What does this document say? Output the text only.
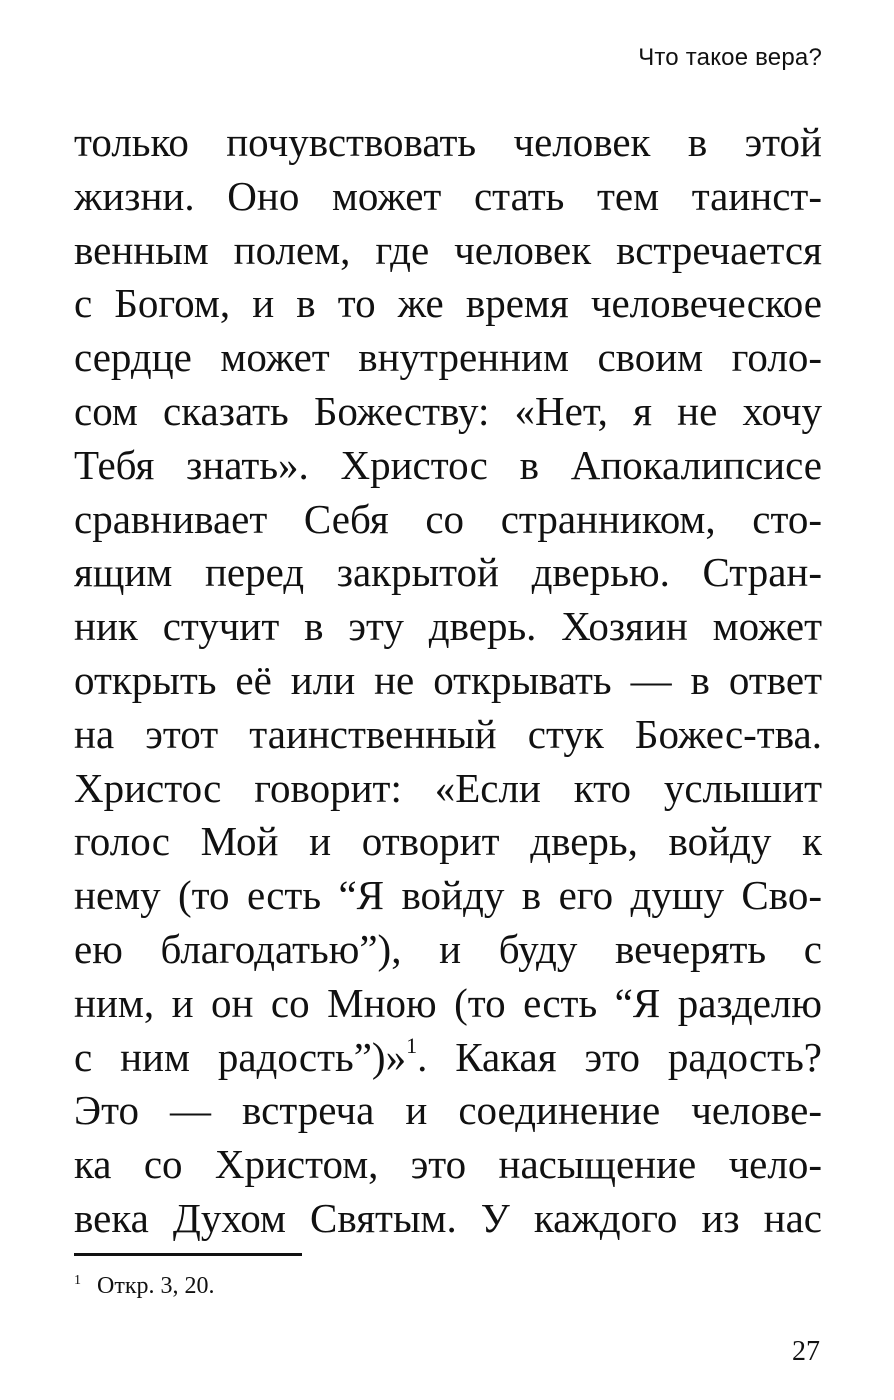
Что такое вера?
только почувствовать человек в этой
жизни. Оно может стать тем таинст-
венным полем, где человек встречается
с Богом, и в то же время человеческое
сердце может внутренним своим голо-
сом сказать Божеству: «Нет, я не хочу
Тебя знать». Христос в Апокалипсисе
сравнивает Себя со странником, сто-
ящим перед закрытой дверью. Стран-
ник стучит в эту дверь. Хозяин может
открыть её или не открывать — в ответ
на этот таинственный стук Божес-тва.
Христос говорит: «Если кто услышит
голос Мой и отворит дверь, войду к
нему (то есть “Я войду в его душу Сво-
ею благодатью”), и буду вечерять с
ним, и он со Мною (то есть “Я разделю
с ним радость”)»$^1$. Какая это радость?
Это — встреча и соединение челове-
ка со Христом, это насыщение чело-
века Духом Святым. У каждого из нас
$^1$ Откр. 3, 20.
27
